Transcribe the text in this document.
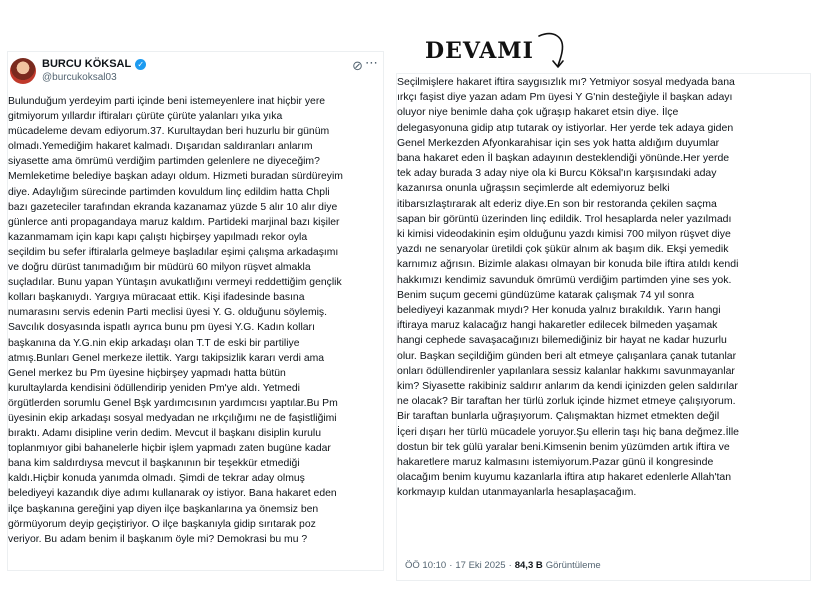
DEVAMI
BURCU KÖKSAL ✓
@burcukoksal03
⊘ ⋯
Bulunduğum yerdeyim parti içinde beni istemeyenlere inat hiçbir yere
gitmiyorum yıllardır iftiraları çürüte çürüte yalanları yıka yıka
mücadeleme devam ediyorum.37. Kurultaydan beri huzurlu bir günüm
olmadı.Yemediğim hakaret kalmadı. Dışarıdan saldıranları anlarım
siyasette ama ömrümü verdiğim partimden gelenlere ne diyeceğim?
Memleketime belediye başkan adayı oldum. Hizmeti buradan sürdüreyim
diye. Adaylığım sürecinde partimden kovuldum linç edildim hatta Chpli
bazı gazeteciler tarafından ekranda kazanamaz yüzde 5 alır 10 alır diye
günlerce anti propagandaya maruz kaldım. Partideki marjinal bazı kişiler
kazanmamam için kapı kapı çalıştı hiçbirşey yapılmadı rekor oyla
seçildim bu sefer iftiralarla gelmeye başladılar eşimi çalışma arkadaşımı
ve doğru dürüst tanımadığım bir müdürü 60 milyon rüşvet almakla
suçladılar. Bunu yapan Yüntaşın avukatlığını vermeyi reddettiğim gençlik
kolları başkanıydı. Yargıya müracaat ettik. Kişi ifadesinde basına
numarasını servis edenin Parti meclisi üyesi Y. G. olduğunu söylemiş.
Savcılık dosyasında ispatlı ayrıca bunu pm üyesi Y.G. Kadın kolları
başkanına da Y.G.nin ekip arkadaşı olan T.T de eski bir partiliye
atmış.Bunları Genel merkeze ilettik. Yargı takipsizlik kararı verdi ama
Genel merkez bu Pm üyesine hiçbirşey yapmadı hatta bütün
kurultaylarda kendisini ödüllendirip yeniden Pm'ye aldı. Yetmedi
örgütlerden sorumlu Genel Bşk yardımcısının yardımcısı yaptılar.Bu Pm
üyesinin ekip arkadaşı sosyal medyadan ne ırkçılığımı ne de faşistliğimi
bıraktı. Adamı disipline verin dedim. Mevcut il başkanı disiplin kurulu
toplanmıyor gibi bahanelerle hiçbir işlem yapmadı zaten bugüne kadar
bana kim saldırdıysa mevcut il başkanının bir teşekkür etmediği
kaldı.Hiçbir konuda yanımda olmadı. Şimdi de tekrar aday olmuş
belediyeyi kazandık diye adımı kullanarak oy istiyor. Bana hakaret eden
ilçe başkanına gereğini yap diyen ilçe başkanlarına ya önemsiz ben
görmüyorum deyip geçiştiriyor. O ilçe başkanıyla gidip sırıtarak poz
veriyor. Bu adam benim il başkanım öyle mi? Demokrasi bu mu ?
Seçilmişlere hakaret iftira saygısızlık mı? Yetmiyor sosyal medyada bana
ırkçı faşist diye yazan adam Pm üyesi Y G'nin desteğiyle il başkan adayı
oluyor niye benimle daha çok uğraşıp hakaret etsin diye. İlçe
delegasyonuna gidip atıp tutarak oy istiyorlar. Her yerde tek adaya giden
Genel Merkezden Afyonkarahisar için ses yok hatta aldığım duyumlar
bana hakaret eden İl başkan adayının desteklendiği yönünde.Her yerde
tek aday burada 3 aday niye ola ki Burcu Köksal'ın karşısındaki aday
kazanırsa onunla uğraşsın seçimlerde alt edemiyoruz belki
itibarsızlaştırarak alt ederiz diye.En son bir restoranda çekilen saçma
sapan bir görüntü üzerinden linç edildik. Trol hesaplarda neler yazılmadı
ki kimisi videodakinin eşim olduğunu yazdı kimisi 700 milyon rüşvet diye
yazdı ne senaryolar üretildi çok şükür alnım ak başım dik. Ekşi yemedik
karnımız ağrısın. Bizimle alakası olmayan bir konuda bile iftira atıldı kendi
hakkımızı kendimiz savunduk ömrümü verdiğim partimden yine ses yok.
Benim suçum gecemi gündüzüme katarak çalışmak 74 yıl sonra
belediyeyi kazanmak mıydı? Her konuda yalnız bırakıldık. Yarın hangi
iftiraya maruz kalacağız hangi hakaretler edilecek bilmeden yaşamak
hangi cephede savaşacağınızı bilemediğiniz bir hayat ne kadar huzurlu
olur. Başkan seçildiğim günden beri alt etmeye çalışanlara çanak tutanlar
onları ödüllendirenler yapılanlara sessiz kalanlar hakkımı savunmayanlar
kim? Siyasette rakibiniz saldırır anlarım da kendi içinizden gelen saldırılar
ne olacak? Bir taraftan her türlü zorluk içinde hizmet etmeye çalışıyorum.
Bir taraftan bunlarla uğraşıyorum. Çalışmaktan hizmet etmekten değil
İçeri dışarı her türlü mücadele yoruyor.Şu ellerin taşı hiç bana değmez.İlle
dostun bir tek gülü yaralar beni.Kimsenin benim yüzümden artık iftira ve
hakaretlere maruz kalmasını istemiyorum.Pazar günü il kongresinde
olacağım benim kuyumu kazanlarla iftira atıp hakaret edenlerle Allah'tan
korkmayıp kuldan utanmayanlarla hesaplaşacağım.
ÖÖ 10:10 · 17 Eki 2025 · 84,3 B Görüntüleme
